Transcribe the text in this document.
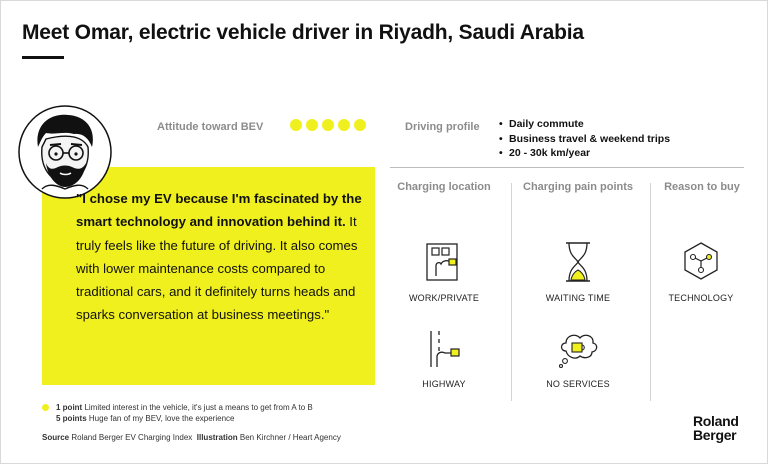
Meet Omar, electric vehicle driver in Riyadh, Saudi Arabia
"I chose my EV because I'm fascinated by the smart technology and innovation behind it. It truly feels like the future of driving. It also comes with lower maintenance costs compared to traditional cars, and it definitely turns heads and sparks conversation at business meetings."
Attitude toward BEV	Driving profile
•	Daily commute
• Business travel & weekend trips
• 20 - 30k km/year
Charging location	Charging pain points	Reason to buy
WORK/PRIVATE
HIGHWAY
WAITING TIME
NO SERVICES
TECHNOLOGY
1 point Limited interest in the vehicle, it's just a means to get from A to B
5 points Huge fan of my BEV, love the experience
Source Roland Berger EV Charging Index Illustration Ben Kirchner / Heart Agency
Roland
Berger
